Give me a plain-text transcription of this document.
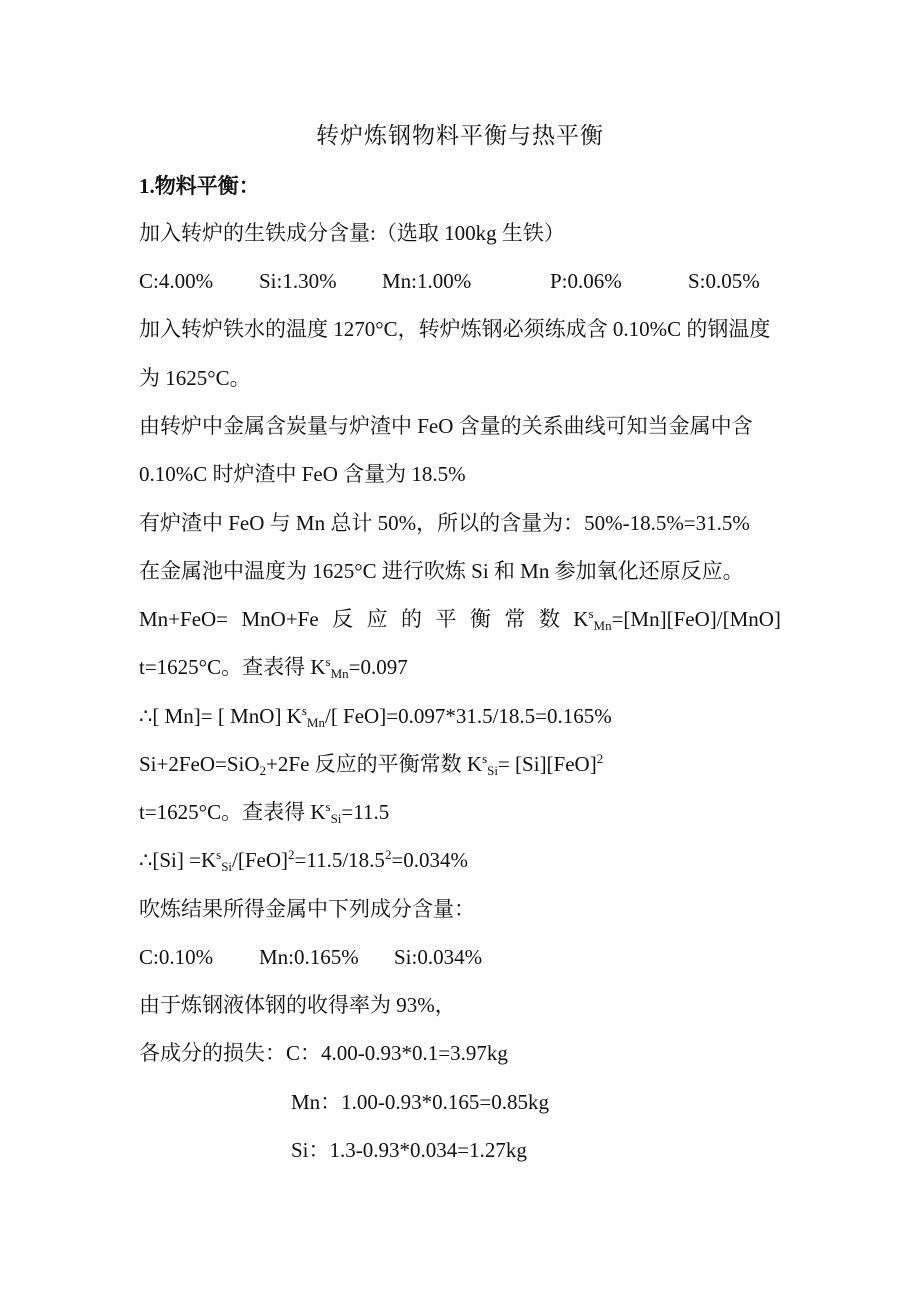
转炉炼钢物料平衡与热平衡

1.物料平衡：

加入转炉的生铁成分含量:（选取 100kg 生铁）

C:4.00%	Si:1.30%	Mn:1.00%	P:0.06%	S:0.05%

加入转炉铁水的温度 1270°C，转炉炼钢必须练成含 0.10%C 的钢温度

为 1625°C。

由转炉中金属含炭量与炉渣中 FeO 含量的关系曲线可知当金属中含

0.10%C 时炉渣中 FeO 含量为 18.5%

有炉渣中 FeO 与 Mn 总计 50%，所以的含量为：50%-18.5%=31.5%

在金属池中温度为 1625°C 进行吹炼 Si 和 Mn 参加氧化还原反应。

Mn+FeO= MnO+Fe 反 应 的 平 衡 常 数 $K^s_{Mn}=[Mn][FeO]/[MnO]$

t=1625°C。查表得 $K^s_{Mn}=0.097$

∴[ Mn]= [ MnO] $K^s_{Mn}/$[ FeO]=0.097*31.5/18.5=0.165%

Si+2FeO=SiO$_2$+2Fe 反应的平衡常数 $K^s_{Si}= [Si][FeO]^2$

t=1625°C。查表得 $K^s_{Si}=11.5$

∴[Si] $=K^s_{Si}/[FeO]^2=11.5/18.5^2=0.034\%$

吹炼结果所得金属中下列成分含量：

C:0.10%	Mn:0.165%	Si:0.034%

由于炼钢液体钢的收得率为 93%，

各成分的损失：C：4.00-0.93*0.1=3.97kg

Mn：1.00-0.93*0.165=0.85kg

Si：1.3-0.93*0.034=1.27kg
